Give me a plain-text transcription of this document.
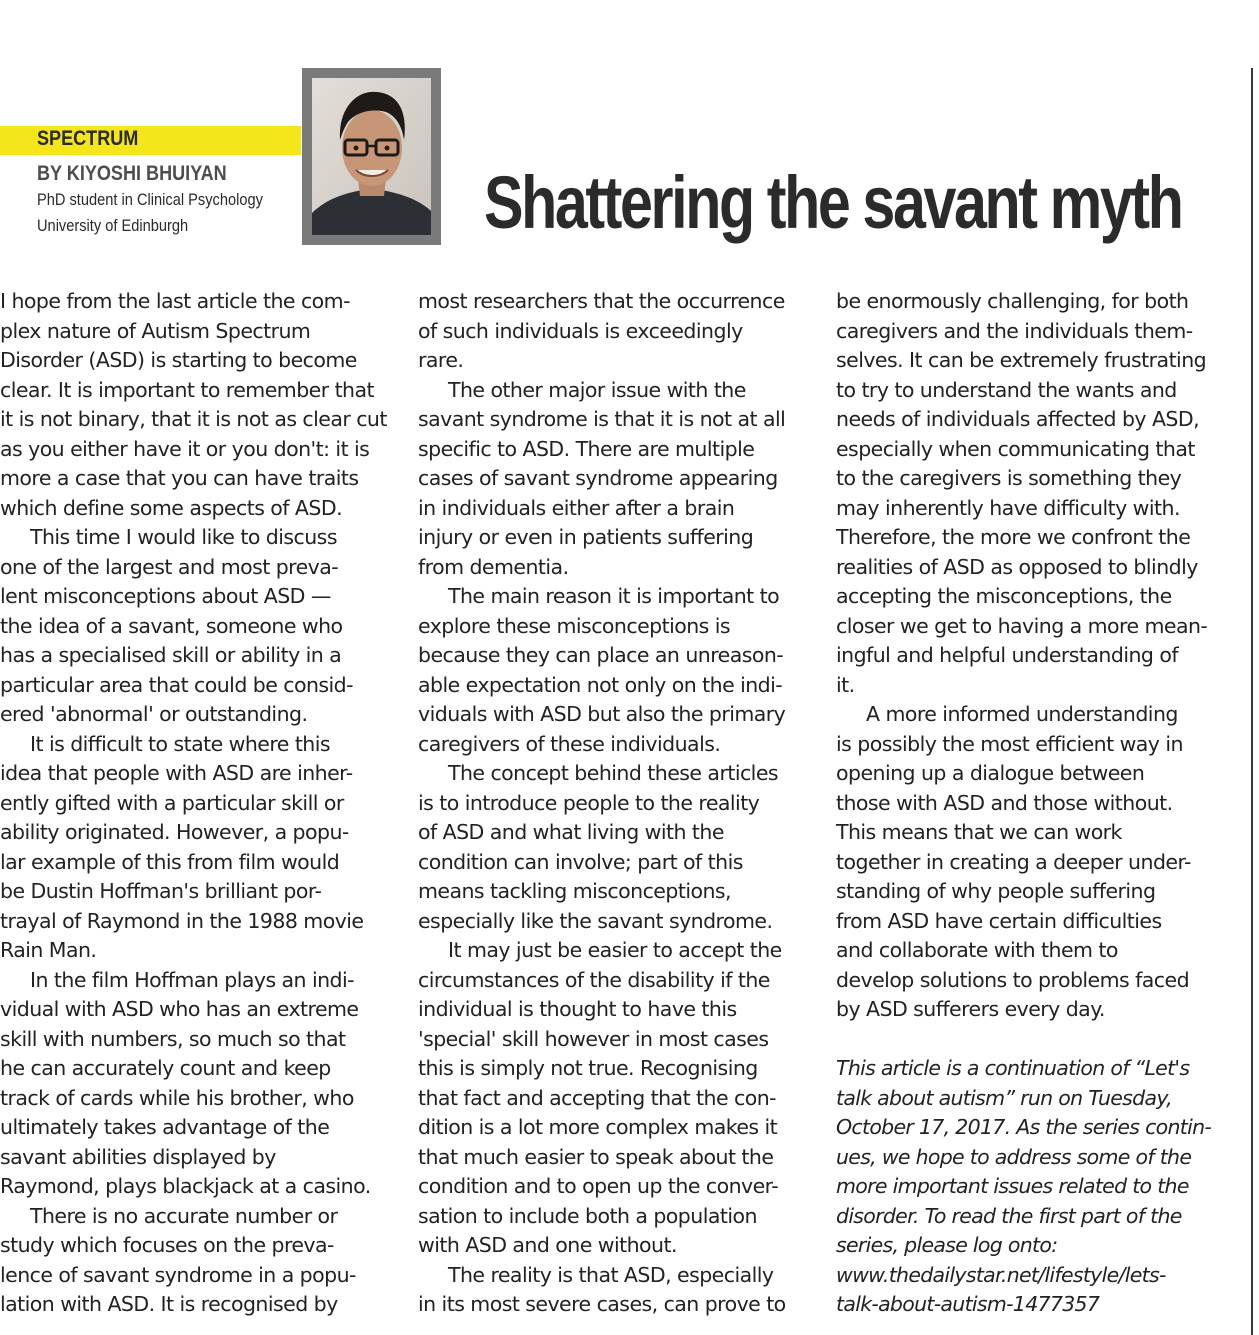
SPECTRUM
BY KIYOSHI BHUIYAN
PhD student in Clinical Psychology
University of Edinburgh	Shattering the savant myth
I hope from the last article the com-
plex nature of Autism Spectrum
Disorder (ASD) is starting to become
clear. It is important to remember that
it is not binary, that it is not as clear cut
as you either have it or you don't: it is
more a case that you can have traits
which define some aspects of ASD.
This time I would like to discuss
one of the largest and most preva-
lent misconceptions about ASD —
the idea of a savant, someone who
has a specialised skill or ability in a
particular area that could be consid-
ered 'abnormal' or outstanding.
It is difficult to state where this
idea that people with ASD are inher-
ently gifted with a particular skill or
ability originated. However, a popu-
lar example of this from film would
be Dustin Hoffman's brilliant por-
trayal of Raymond in the 1988 movie
Rain Man.
In the film Hoffman plays an indi-
vidual with ASD who has an extreme
skill with numbers, so much so that
he can accurately count and keep
track of cards while his brother, who
ultimately takes advantage of the
savant abilities displayed by
Raymond, plays blackjack at a casino.
There is no accurate number or
study which focuses on the preva-
lence of savant syndrome in a popu-
lation with ASD. It is recognised by
most researchers that the occurrence
of such individuals is exceedingly
rare.
The other major issue with the
savant syndrome is that it is not at all
specific to ASD. There are multiple
cases of savant syndrome appearing
in individuals either after a brain
injury or even in patients suffering
from dementia.
The main reason it is important to
explore these misconceptions is
because they can place an unreason-
able expectation not only on the indi-
viduals with ASD but also the primary
caregivers of these individuals.
The concept behind these articles
is to introduce people to the reality
of ASD and what living with the
condition can involve; part of this
means tackling misconceptions,
especially like the savant syndrome.
It may just be easier to accept the
circumstances of the disability if the
individual is thought to have this
'special' skill however in most cases
this is simply not true. Recognising
that fact and accepting that the con-
dition is a lot more complex makes it
that much easier to speak about the
condition and to open up the conver-
sation to include both a population
with ASD and one without.
The reality is that ASD, especially
in its most severe cases, can prove to
be enormously challenging, for both
caregivers and the individuals them-
selves. It can be extremely frustrating
to try to understand the wants and
needs of individuals affected by ASD,
especially when communicating that
to the caregivers is something they
may inherently have difficulty with.
Therefore, the more we confront the
realities of ASD as opposed to blindly
accepting the misconceptions, the
closer we get to having a more mean-
ingful and helpful understanding of
it.
A more informed understanding
is possibly the most efficient way in
opening up a dialogue between
those with ASD and those without.
This means that we can work
together in creating a deeper under-
standing of why people suffering
from ASD have certain difficulties
and collaborate with them to
develop solutions to problems faced
by ASD sufferers every day.
This article is a continuation of “Let's
talk about autism” run on Tuesday,
October 17, 2017. As the series contin-
ues, we hope to address some of the
more important issues related to the
disorder. To read the first part of the
series, please log onto:
www.thedailystar.net/lifestyle/lets-
talk-about-autism-1477357
